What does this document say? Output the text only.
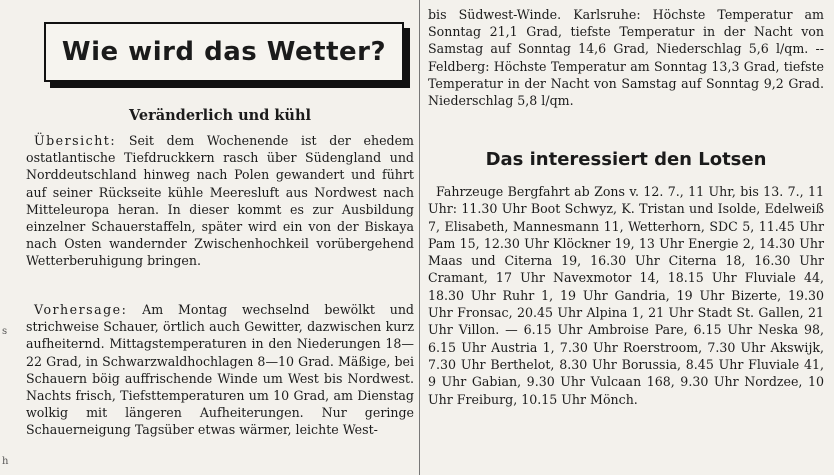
s
h
Wie wird das Wetter?
Veränderlich und kühl

Übersicht: Seit dem Wochenende ist der ehedem ostatlantische Tiefdruckkern rasch über Südengland und Norddeutschland hinweg nach Polen gewandert und führt auf seiner Rückseite kühle Meeresluft aus Nordwest nach Mitteleuropa heran. In dieser kommt es zur Ausbildung einzelner Schauerstaffeln, später wird ein von der Biskaya nach Osten wandernder Zwischenhochkeil vorübergehend Wetterberuhigung bringen.

Vorhersage: Am Montag wechselnd bewölkt und strichweise Schauer, örtlich auch Gewitter, dazwischen kurz aufheiternd. Mittagstemperaturen in den Niederungen 18—22 Grad, in Schwarzwaldhochlagen 8—10 Grad. Mäßige, bei Schauern böig auffrischende Winde um West bis Nordwest. Nachts frisch, Tiefsttemperaturen um 10 Grad, am Dienstag wolkig mit längeren Aufheiterungen. Nur geringe Schauerneigung Tagsüber etwas wärmer, leichte West-

bis Südwest-Winde. Karlsruhe: Höchste Temperatur am Sonntag 21,1 Grad, tiefste Temperatur in der Nacht von Samstag auf Sonntag 14,6 Grad, Niederschlag 5,6 l/qm. -- Feldberg: Höchste Temperatur am Sonntag 13,3 Grad, tiefste Temperatur in der Nacht von Samstag auf Sonntag 9,2 Grad. Niederschlag 5,8 l/qm.

Das interessiert den Lotsen

Fahrzeuge Bergfahrt ab Zons v. 12. 7., 11 Uhr, bis 13. 7., 11 Uhr: 11.30 Uhr Boot Schwyz, K. Tristan und Isolde, Edelweiß 7, Elisabeth, Mannesmann 11, Wetterhorn, SDC 5, 11.45 Uhr Pam 15, 12.30 Uhr Klöckner 19, 13 Uhr Energie 2, 14.30 Uhr Maas und Citerna 19, 16.30 Uhr Citerna 18, 16.30 Uhr Cramant, 17 Uhr Navexmotor 14, 18.15 Uhr Fluviale 44, 18.30 Uhr Ruhr 1, 19 Uhr Gandria, 19 Uhr Bizerte, 19.30 Uhr Fronsac, 20.45 Uhr Alpina 1, 21 Uhr Stadt St. Gallen, 21 Uhr Villon. — 6.15 Uhr Ambroise Pare, 6.15 Uhr Neska 98, 6.15 Uhr Austria 1, 7.30 Uhr Roerstroom, 7.30 Uhr Akswijk, 7.30 Uhr Berthelot, 8.30 Uhr Borussia, 8.45 Uhr Fluviale 41, 9 Uhr Gabian, 9.30 Uhr Vulcaan 168, 9.30 Uhr Nordzee, 10 Uhr Freiburg, 10.15 Uhr Mönch.
